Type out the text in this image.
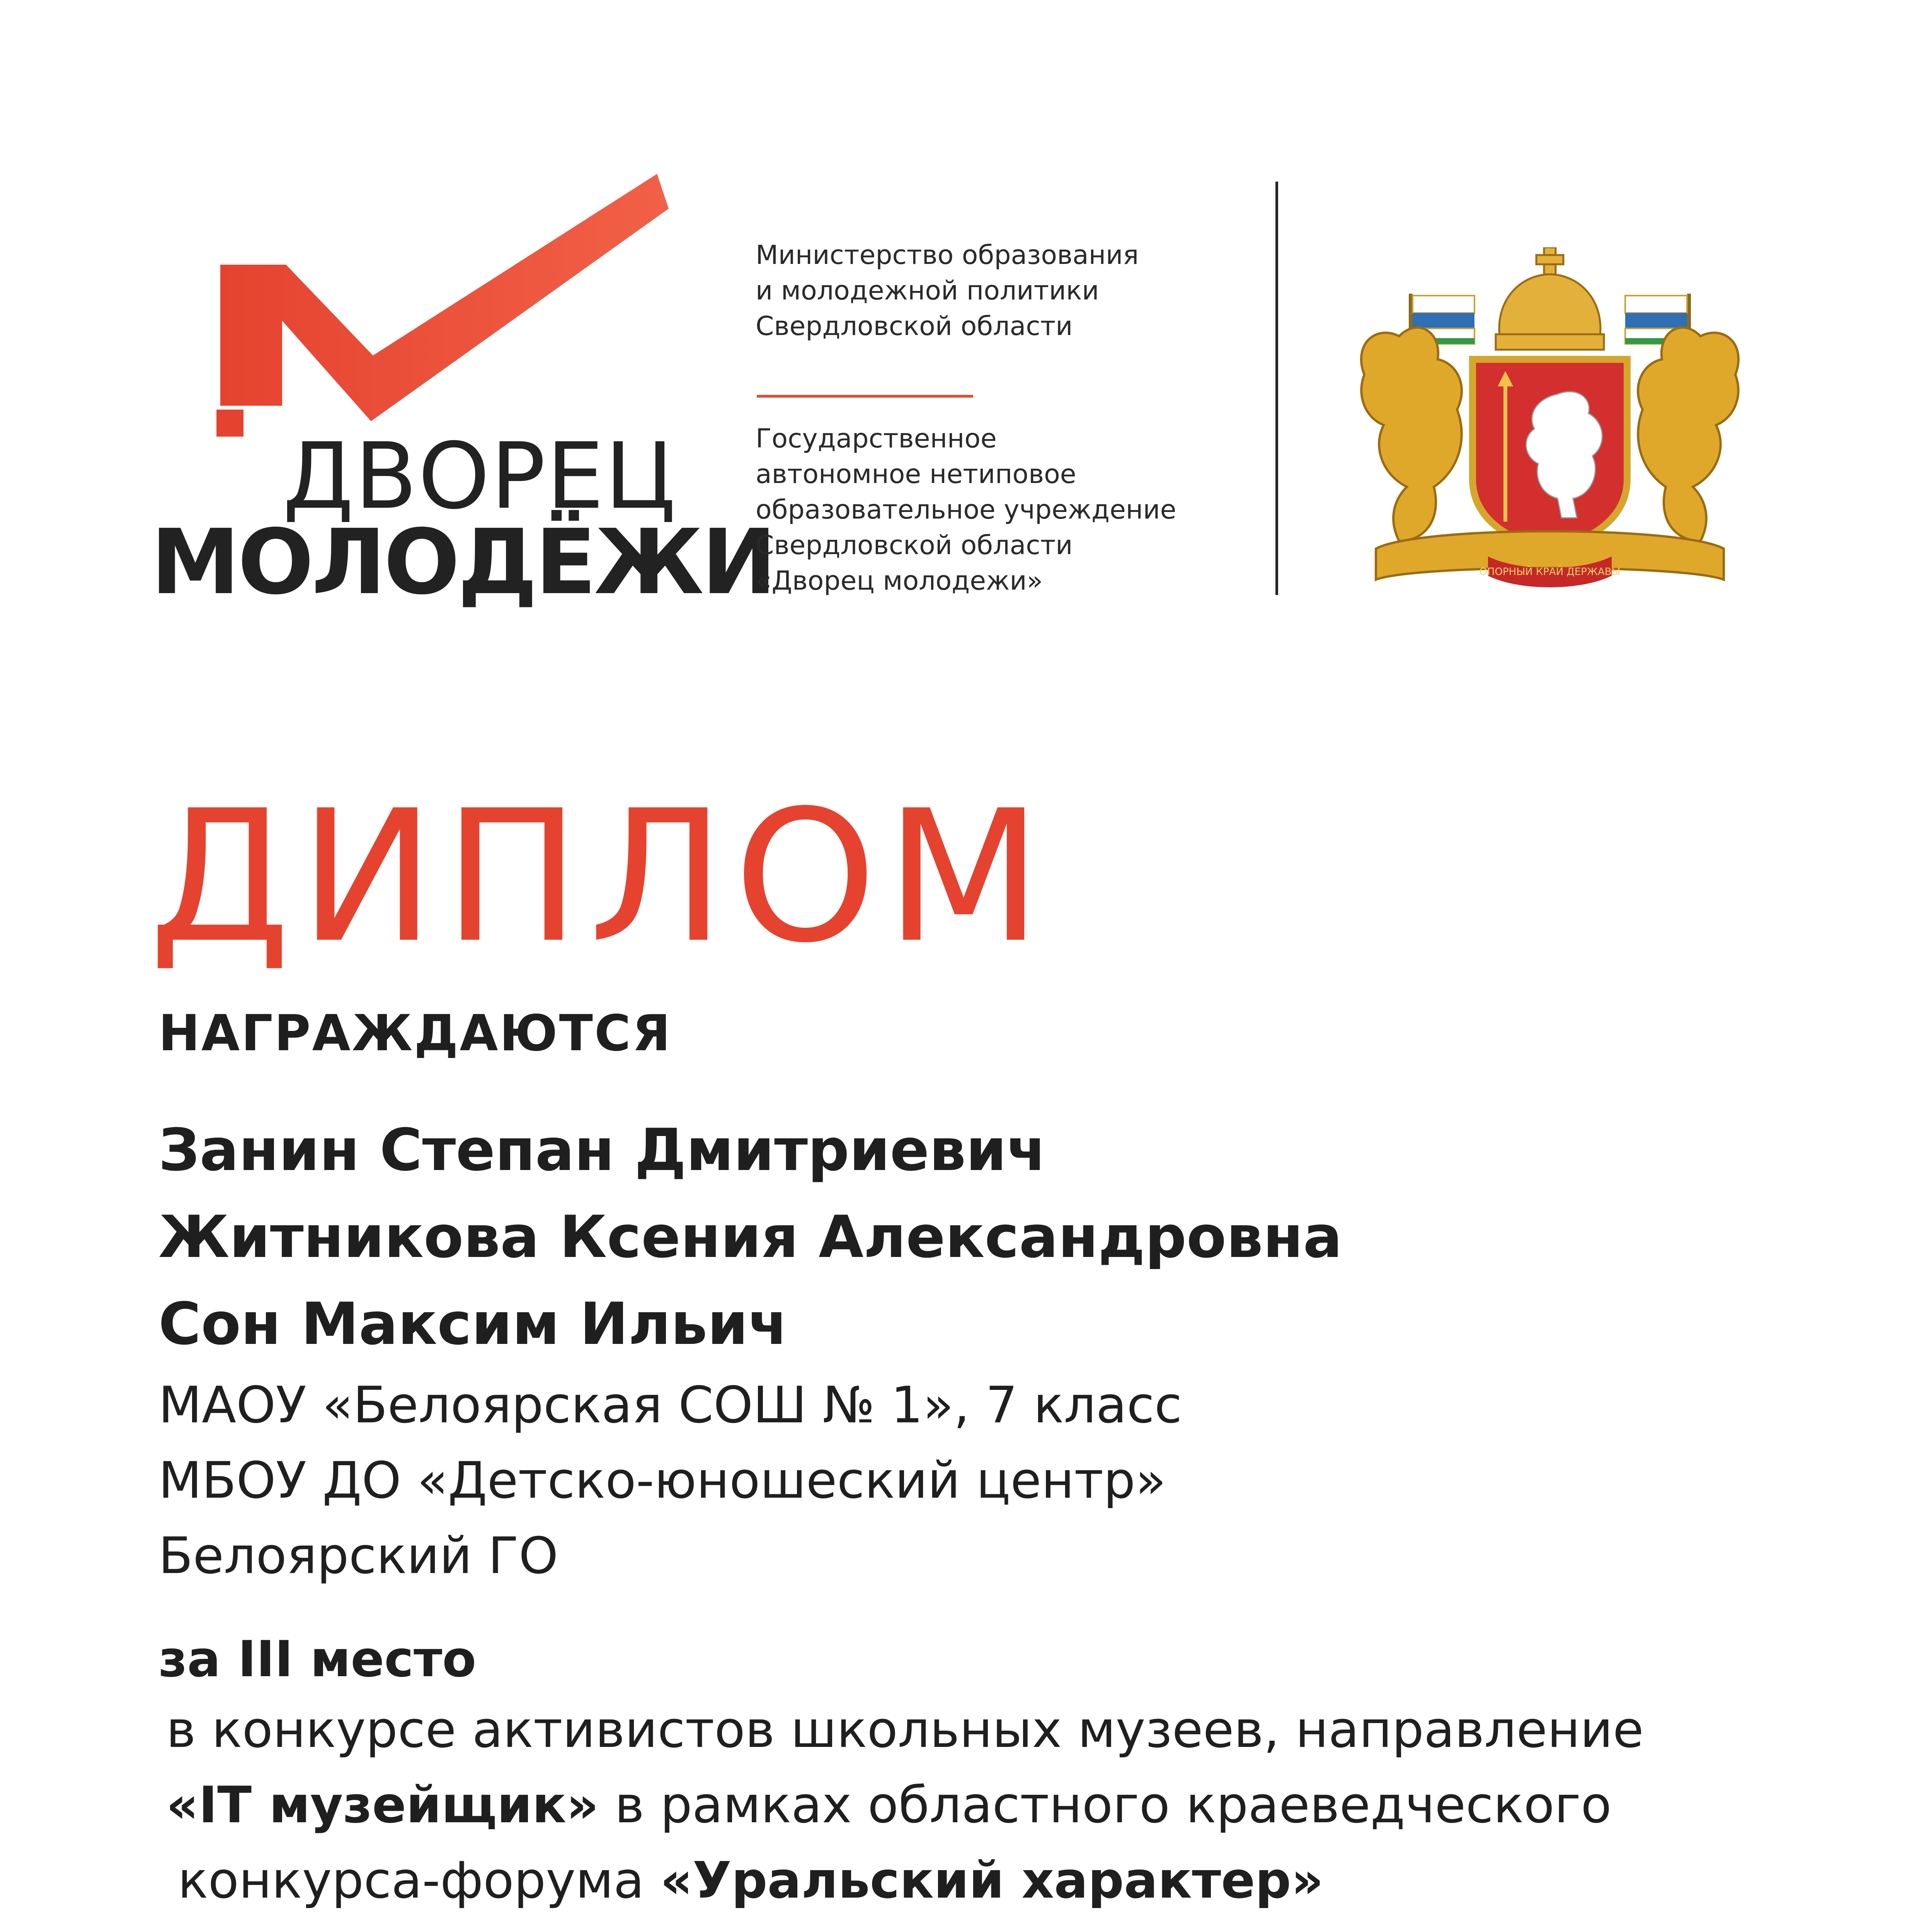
ДВОРЕЦ
МОЛОДЁЖИ
Министерство образования
и молодежной политики
Свердловской области
Государственное
автономное нетиповое
образовательное учреждение
Свердловской области
«Дворец молодежи»	ОПОРНЫЙ КРАЙ ДЕРЖАВЫ
ДИПЛОМ
НАГРАЖДАЮТСЯ
Занин Степан Дмитриевич
Житникова Ксения Александровна
Сон Максим Ильич
МАОУ «Белоярская СОШ № 1», 7 класс
МБОУ ДО «Детско-юношеский центр»
Белоярский ГО
за III место
в конкурсе активистов школьных музеев, направление
«IT музейщик» в рамках областного краеведческого
конкурса-форума «Уральский характер»
